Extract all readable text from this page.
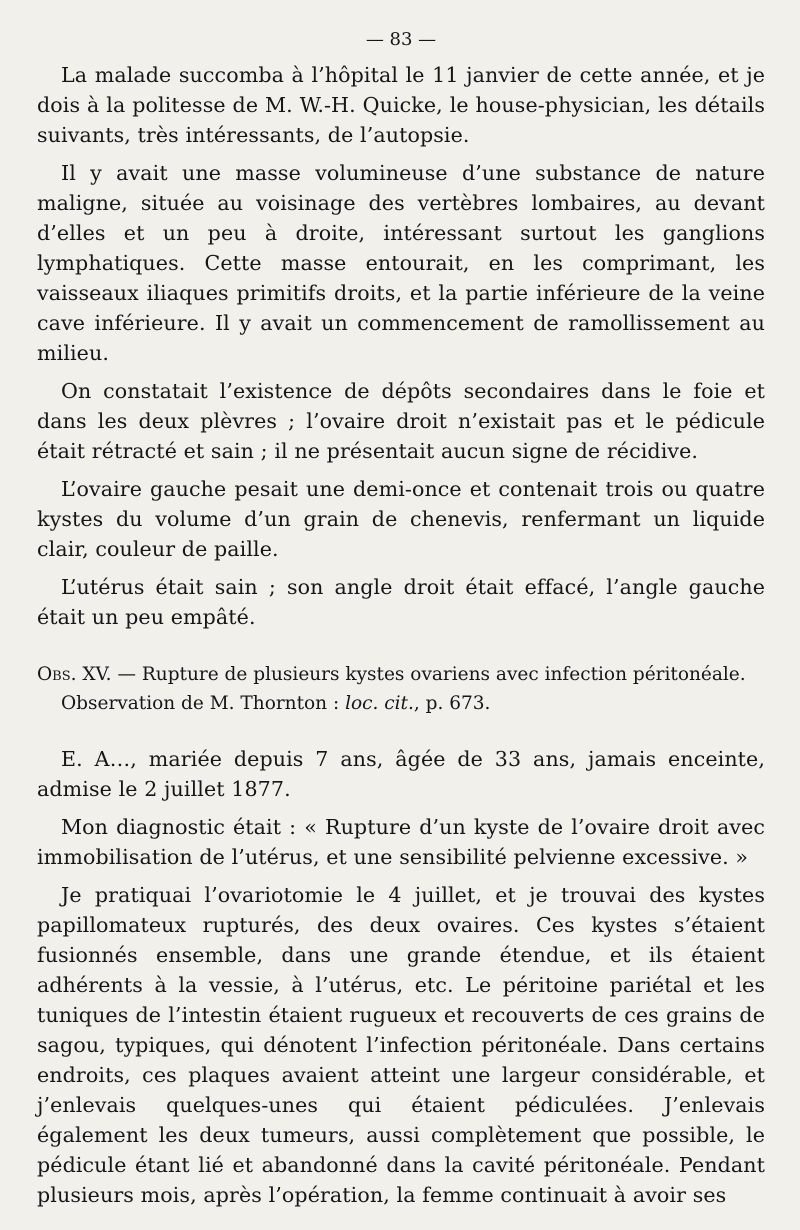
— 83 —

La malade succomba à l’hôpital le 11 janvier de cette année, et je dois à la politesse de M. W.-H. Quicke, le house-physician, les détails suivants, très intéressants, de l’autopsie.

Il y avait une masse volumineuse d’une substance de nature maligne, située au voisinage des vertèbres lombaires, au devant d’elles et un peu à droite, intéressant surtout les ganglions lymphatiques. Cette masse entourait, en les comprimant, les vaisseaux iliaques primitifs droits, et la partie inférieure de la veine cave inférieure. Il y avait un commencement de ramollissement au milieu.

On constatait l’existence de dépôts secondaires dans le foie et dans les deux plèvres ; l’ovaire droit n’existait pas et le pédicule était rétracté et sain ; il ne présentait aucun signe de récidive.

L’ovaire gauche pesait une demi-once et contenait trois ou quatre kystes du volume d’un grain de chenevis, renfermant un liquide clair, couleur de paille.

L’utérus était sain ; son angle droit était effacé, l’angle gauche était un peu empâté.

Obs. XV. — Rupture de plusieurs kystes ovariens avec infection péritonéale. Observation de M. Thornton : loc. cit., p. 673.

E. A…, mariée depuis 7 ans, âgée de 33 ans, jamais enceinte, admise le 2 juillet 1877.

Mon diagnostic était : « Rupture d’un kyste de l’ovaire droit avec immobilisation de l’utérus, et une sensibilité pelvienne excessive. »

Je pratiquai l’ovariotomie le 4 juillet, et je trouvai des kystes papillomateux rupturés, des deux ovaires. Ces kystes s’étaient fusionnés ensemble, dans une grande étendue, et ils étaient adhérents à la vessie, à l’utérus, etc. Le péritoine pariétal et les tuniques de l’intestin étaient rugueux et recouverts de ces grains de sagou, typiques, qui dénotent l’infection péritonéale. Dans certains endroits, ces plaques avaient atteint une largeur considérable, et j’enlevais quelques-unes qui étaient pédiculées. J’enlevais également les deux tumeurs, aussi complètement que possible, le pédicule étant lié et abandonné dans la cavité péritonéale. Pendant plusieurs mois, après l’opération, la femme continuait à avoir ses
